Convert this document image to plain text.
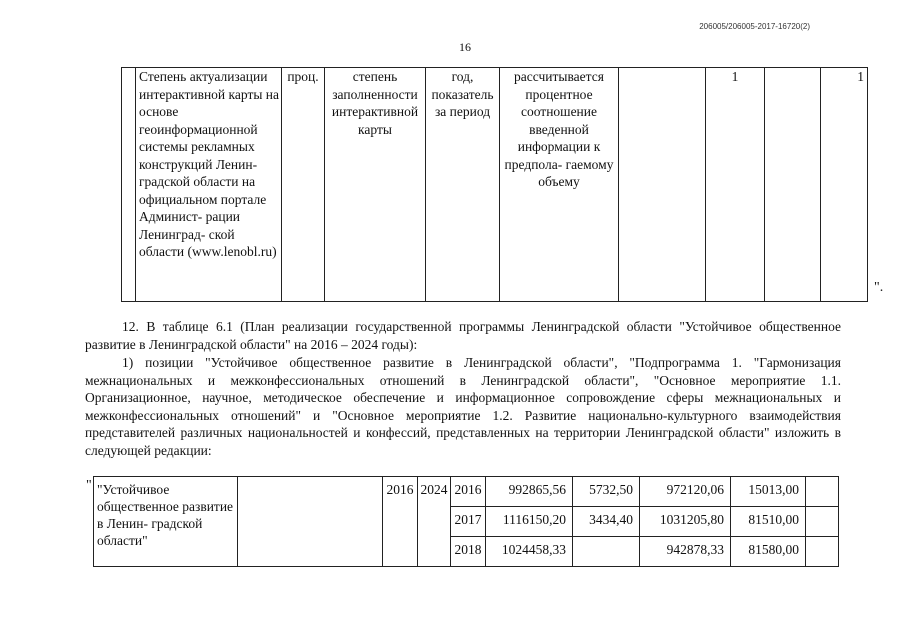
206005/206005-2017-16720(2)
16
	Степень актуализации интерактивной карты на основе геоинформационной системы рекламных конструкций Ленин- градской области на официальном портале Админист- рации Ленинград- ской области (www.lenobl.ru)	проц.	степень заполненности интерактивной карты	год, показатель за период	рассчитывается процентное соотношение введенной информации к предпола- гаемому объему		1		1
".
12. В таблице 6.1 (План реализации государственной программы Ленинградской области "Устойчивое общественное развитие в Ленинградской области" на 2016 – 2024 годы):
1) позиции "Устойчивое общественное развитие в Ленинградской области", "Подпрограмма 1. "Гармонизация межнациональных и межконфессиональных отношений в Ленинградской области", "Основное мероприятие 1.1. Организационное, научное, методическое обеспечение и информационное сопровождение сферы межнациональных и межконфессиональных отношений" и "Основное мероприятие 1.2. Развитие национально-культурного взаимодействия представителей различных национальностей и конфессий, представленных на территории Ленинградской области" изложить в следующей редакции:
" "Устойчивое общественное развитие в Ленин- градской области"		2016	2024	2016	992865,56	5732,50	972120,06	15013,00	
				2017	1116150,20	3434,40	1031205,80	81510,00	
				2018	1024458,33		942878,33	81580,00	
